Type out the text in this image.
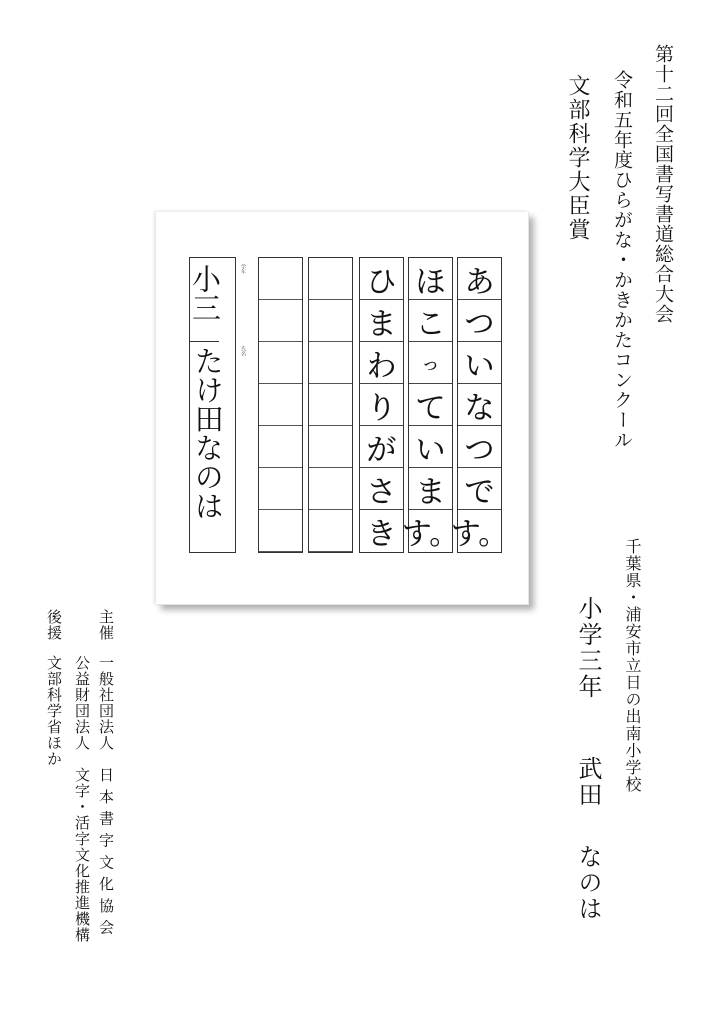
第十二回全国書写書道総合大会
令和五年度ひらがな・かきかたコンクール
文部科学大臣賞
あ
つ
い
な
つ
で
す。
ひ
ま
わ
り
が
さ
き
ほ
こ
っ
て
い
ま
す。
学年
氏名
小三
たけ田なのは
千葉県・浦安市立日の出南小学校
小学三年
武田なのは
主催一般社団法人　日 本 書 字 文 化 協 会
公益財団法人　文字・活字文化推進機構
後援文部科学省ほか
